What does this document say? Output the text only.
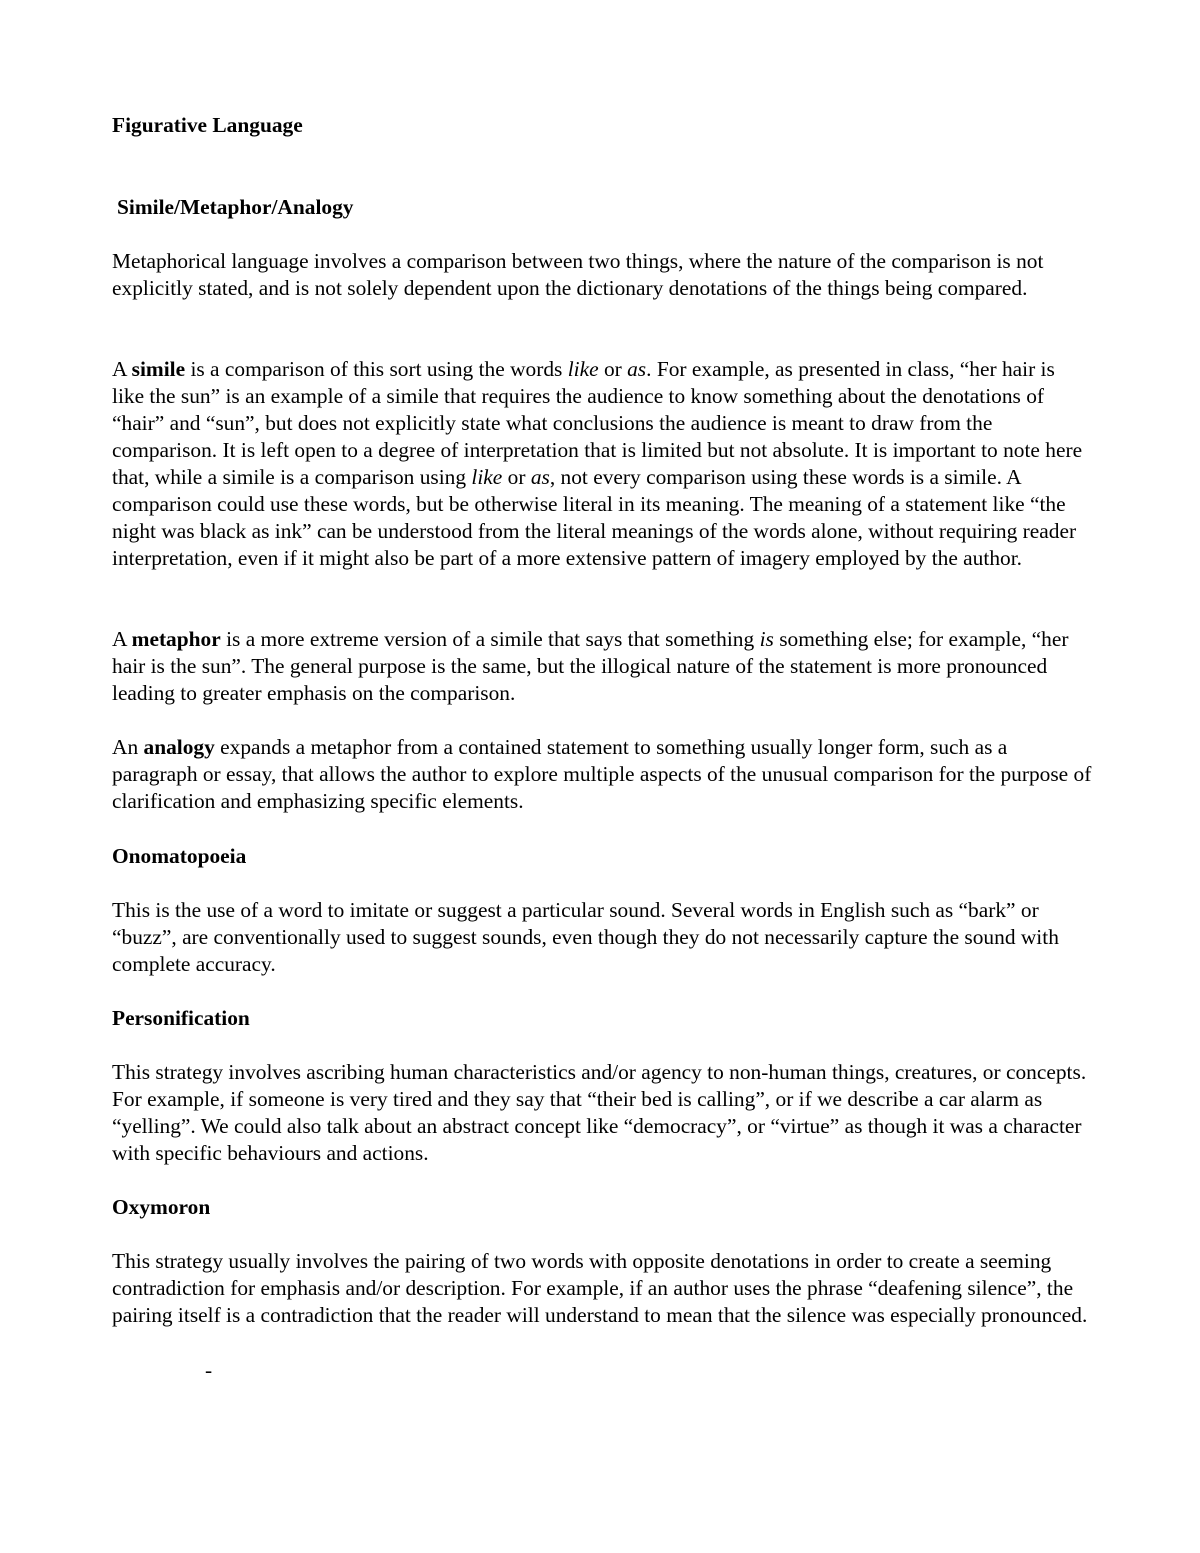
Figurative Language
Simile/Metaphor/Analogy

Metaphorical language involves a comparison between two things, where the nature of the comparison is not explicitly stated, and is not solely dependent upon the dictionary denotations of the things being compared.

A simile is a comparison of this sort using the words like or as. For example, as presented in class, “her hair is like the sun” is an example of a simile that requires the audience to know something about the denotations of “hair” and “sun”, but does not explicitly state what conclusions the audience is meant to draw from the comparison. It is left open to a degree of interpretation that is limited but not absolute. It is important to note here that, while a simile is a comparison using like or as, not every comparison using these words is a simile. A comparison could use these words, but be otherwise literal in its meaning. The meaning of a statement like “the night was black as ink” can be understood from the literal meanings of the words alone, without requiring reader interpretation, even if it might also be part of a more extensive pattern of imagery employed by the author.

A metaphor is a more extreme version of a simile that says that something is something else; for example, “her hair is the sun”. The general purpose is the same, but the illogical nature of the statement is more pronounced leading to greater emphasis on the comparison.

An analogy expands a metaphor from a contained statement to something usually longer form, such as a paragraph or essay, that allows the author to explore multiple aspects of the unusual comparison for the purpose of clarification and emphasizing specific elements.

Onomatopoeia

This is the use of a word to imitate or suggest a particular sound. Several words in English such as “bark” or “buzz”, are conventionally used to suggest sounds, even though they do not necessarily capture the sound with complete accuracy.

Personification

This strategy involves ascribing human characteristics and/or agency to non-human things, creatures, or concepts. For example, if someone is very tired and they say that “their bed is calling”, or if we describe a car alarm as “yelling”. We could also talk about an abstract concept like “democracy”, or “virtue” as though it was a character with specific behaviours and actions.

Oxymoron

This strategy usually involves the pairing of two words with opposite denotations in order to create a seeming contradiction for emphasis and/or description. For example, if an author uses the phrase “deafening silence”, the pairing itself is a contradiction that the reader will understand to mean that the silence was especially pronounced.

-
